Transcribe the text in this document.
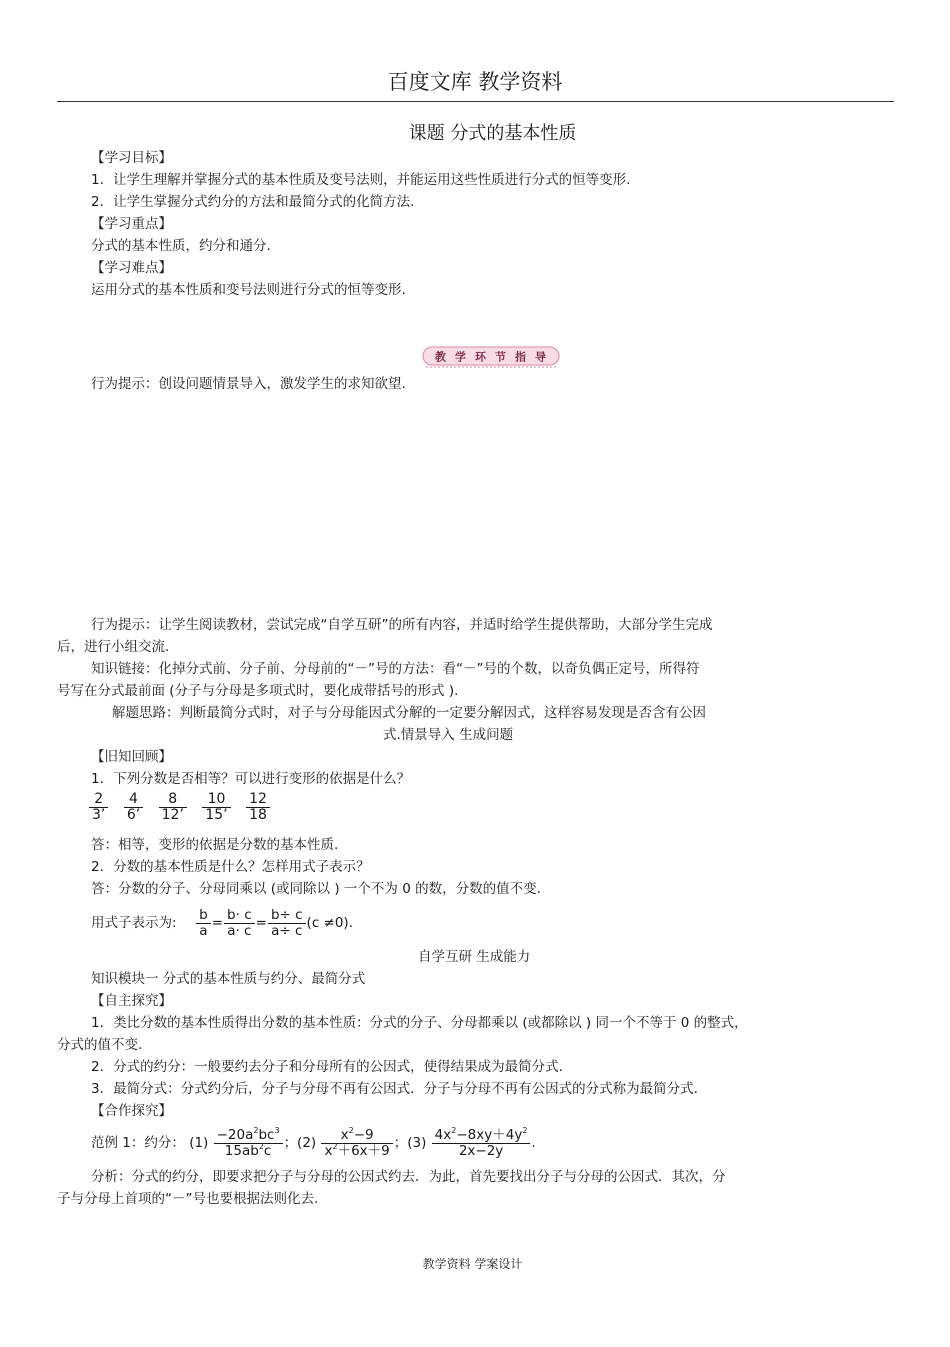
百度文库 教学资料
课题 分式的基本性质
【学习目标】
1．让学生理解并掌握分式的基本性质及变号法则，并能运用这些性质进行分式的恒等变形.
2．让学生掌握分式约分的方法和最简分式的化简方法.
【学习重点】
分式的基本性质，约分和通分.
【学习难点】
运用分式的基本性质和变号法则进行分式的恒等变形.
教 学 环 节 指 导
行为提示：创设问题情景导入，激发学生的求知欲望.
行为提示：让学生阅读教材，尝试完成“自学互研”的所有内容，并适时给学生提供帮助，大部分学生完成
后，进行小组交流.
知识链接：化掉分式前、分子前、分母前的“－”号的方法：看“－”号的个数，以奇负偶正定号，所得符
号写在分式最前面 (分子与分母是多项式时，要化成带括号的形式 ).
解题思路：判断最简分式时，对子与分母能因式分解的一定要分解因式，这样容易发现是否含有公因
式.情景导入 生成问题
【旧知回顾】
1．下列分数是否相等？可以进行变形的依据是什么？
$\frac{2}{3’}$
$\frac{4}{6’}$
$\frac{8}{12’}$
$\frac{10}{15’}$
$\frac{12}{18}$
答：相等，变形的依据是分数的基本性质.
2．分数的基本性质是什么？怎样用式子表示？
答：分数的分子、分母同乘以 (或同除以 ) 一个不为 0 的数，分数的值不变.
用式子表示为: $\frac{b}{a} = \frac{b\cdot c}{a\cdot c} = \frac{b\div c}{a\div c} (c \ne 0)$.
自学互研 生成能力
知识模块一 分式的基本性质与约分、最简分式
【自主探究】
1．类比分数的基本性质得出分数的基本性质：分式的分子、分母都乘以 (或都除以 ) 同一个不等于 0 的整式，
分式的值不变.
2．分式的约分：一般要约去分子和分母所有的公因式，使得结果成为最简分式.
3．最简分式：分式约分后，分子与分母不再有公因式．分子与分母不再有公因式的分式称为最简分式.
【合作探究】
范例 1：约分： $(1) \frac{-20a^2bc^3}{15ab^2c}$ ；$(2) \frac{x^2-9}{x^2+6x+9}$ ；$(3) \frac{4x^2-8xy+4y^2}{2x-2y}$ .
分析：分式的约分，即要求把分子与分母的公因式约去．为此，首先要找出分子与分母的公因式．其次，分
子与分母上首项的“－”号也要根据法则化去.
教学资料 学案设计
